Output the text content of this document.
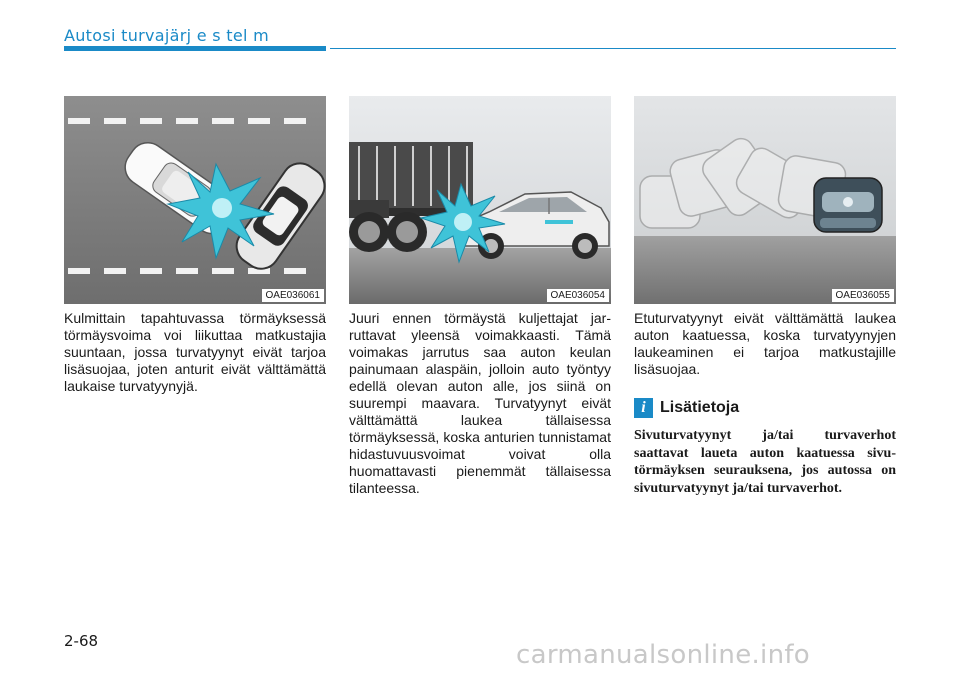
Autosi turvajärj e s tel m
OAE036061	OAE036054	OAE036055

Kulmittain tapahtuvassa törmäyksessä törmäysvoima voi liikuttaa matkustajia suuntaan, jossa turvatyynyt eivät tarjoa lisäsuojaa, joten anturit eivät välttämättä laukaise turvatyynyjä.

Juuri ennen törmäystä kuljettajat jarruttavat yleensä voimakkaasti. Tämä voimakas jarrutus saa auton keulan painumaan alaspäin, jolloin auto työntyy edellä olevan auton alle, jos siinä on suurempi maavara. Turvatyynyt eivät välttämättä laukea tällaisessa törmäyksessä, koska anturien tunnistamat hidastuvuusvoimat voivat olla huomattavasti pienemmät tällaisessa tilanteessa.

Etuturvatyynyt eivät välttämättä laukea auton kaatuessa, koska turvatyynyjen laukeaminen ei tarjoa matkustajille lisäsuojaa.

i Lisätietoja

Sivuturvatyynyt ja/tai turvaverhot saattavat laueta auton kaatuessa sivutörmäyksen seurauksena, jos autossa on sivuturvatyynyt ja/tai turvaverhot.

2-68	carmanualsonline.info
